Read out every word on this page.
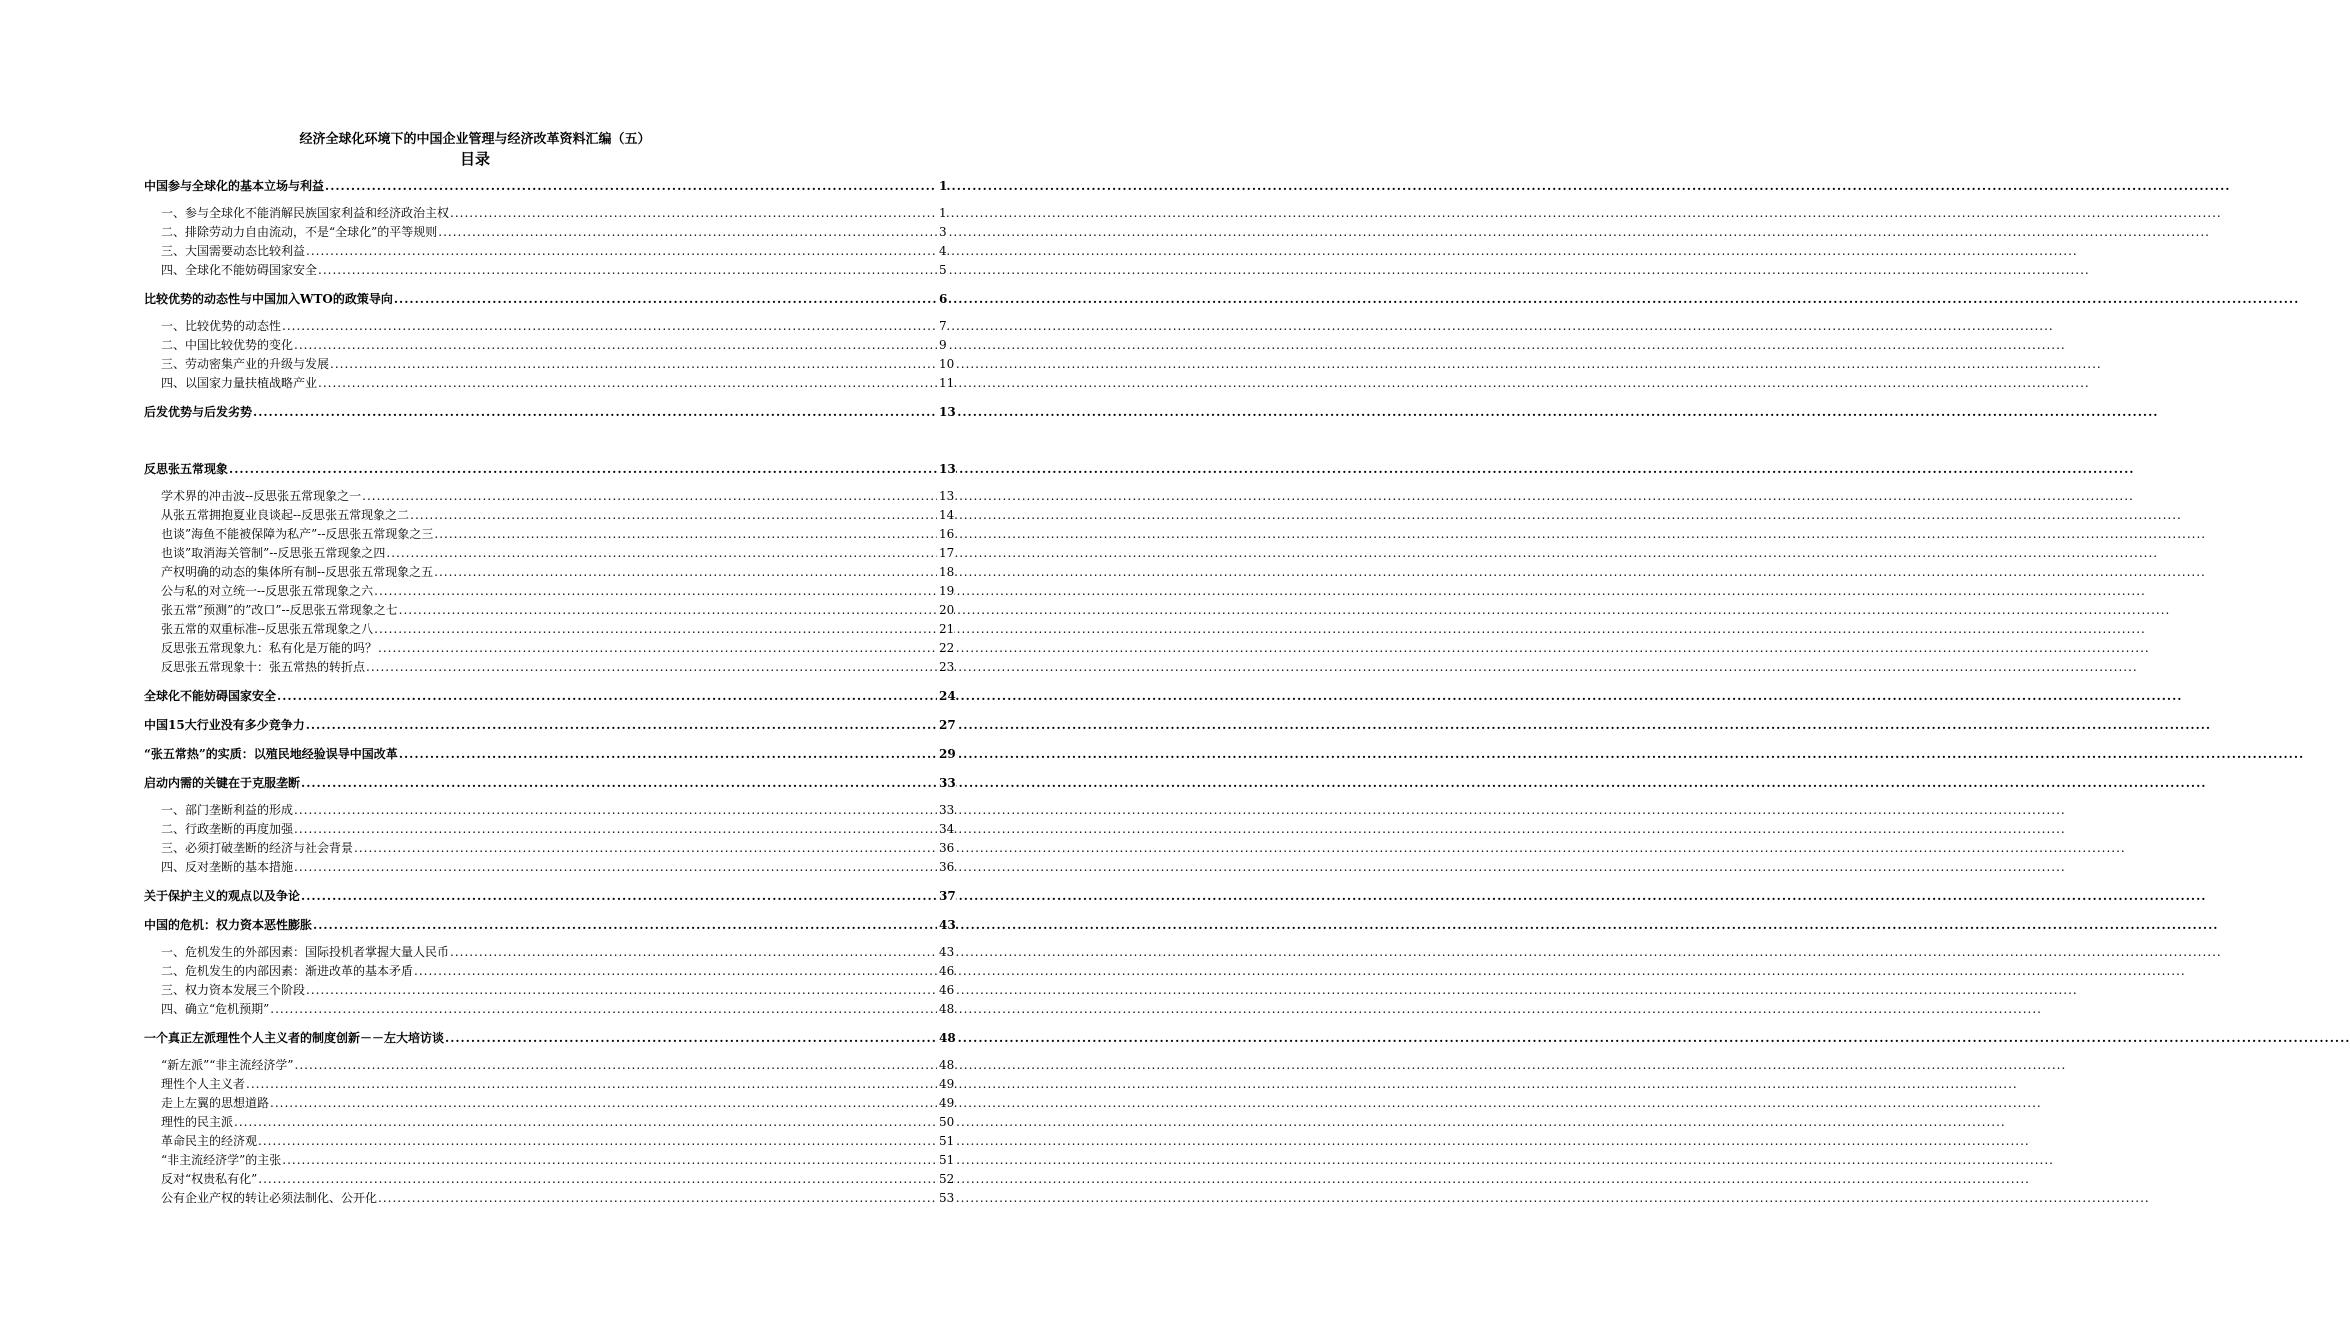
经济全球化环境下的中国企业管理与经济改革资料汇编（五）
目录
中国参与全球化的基本立场与利益 .....	1
一、参与全球化不能消解民族国家利益和经济政治主权 .....	1
二、排除劳动力自由流动，不是“全球化”的平等规则 .....	3
三、大国需要动态比较利益 .....	4
四、全球化不能妨碍国家安全 .....	5
比较优势的动态性与中国加入WTO的政策导向 .....	6
一、比较优势的动态性 .....	7
二、中国比较优势的变化 .....	9
三、劳动密集产业的升级与发展 .....	10
四、以国家力量扶植战略产业 .....	11
后发优势与后发劣势 .....	13
反思张五常现象 .....	13
学术界的冲击波--反思张五常现象之一 .....	13
从张五常拥抱夏业良谈起--反思张五常现象之二 .....	14
也谈”海鱼不能被保障为私产”--反思张五常现象之三 .....	16
也谈”取消海关管制”--反思张五常现象之四 .....	17
产权明确的动态的集体所有制--反思张五常现象之五 .....	18
公与私的对立统一--反思张五常现象之六 .....	19
张五常”预测”的”改口”--反思张五常现象之七 .....	20
张五常的双重标准--反思张五常现象之八 .....	21
反思张五常现象九：私有化是万能的吗？ .....	22
反思张五常现象十：张五常热的转折点 .....	23
全球化不能妨碍国家安全 .....	24
中国15大行业没有多少竞争力 .....	27
“张五常热”的实质：以殖民地经验误导中国改革 .....	29
启动内需的关键在于克服垄断 .....	33
一、部门垄断利益的形成 .....	33
二、行政垄断的再度加强 .....	34
三、必须打破垄断的经济与社会背景 .....	36
四、反对垄断的基本措施 .....	36
关于保护主义的观点以及争论 .....	37
中国的危机：权力资本恶性膨胀 .....	43
一、危机发生的外部因素：国际投机者掌握大量人民币 .....	43
二、危机发生的内部因素：渐进改革的基本矛盾 .....	46
三、权力资本发展三个阶段 .....	46
四、确立“危机预期” .....	48
一个真正左派理性个人主义者的制度创新－－左大培访谈 .....	48
“新左派”“非主流经济学” .....	48
理性个人主义者 .....	49
走上左翼的思想道路 .....	49
理性的民主派 .....	50
革命民主的经济观 .....	51
“非主流经济学”的主张 .....	51
反对“权贵私有化” .....	52
公有企业产权的转让必须法制化、公开化 .....	53
